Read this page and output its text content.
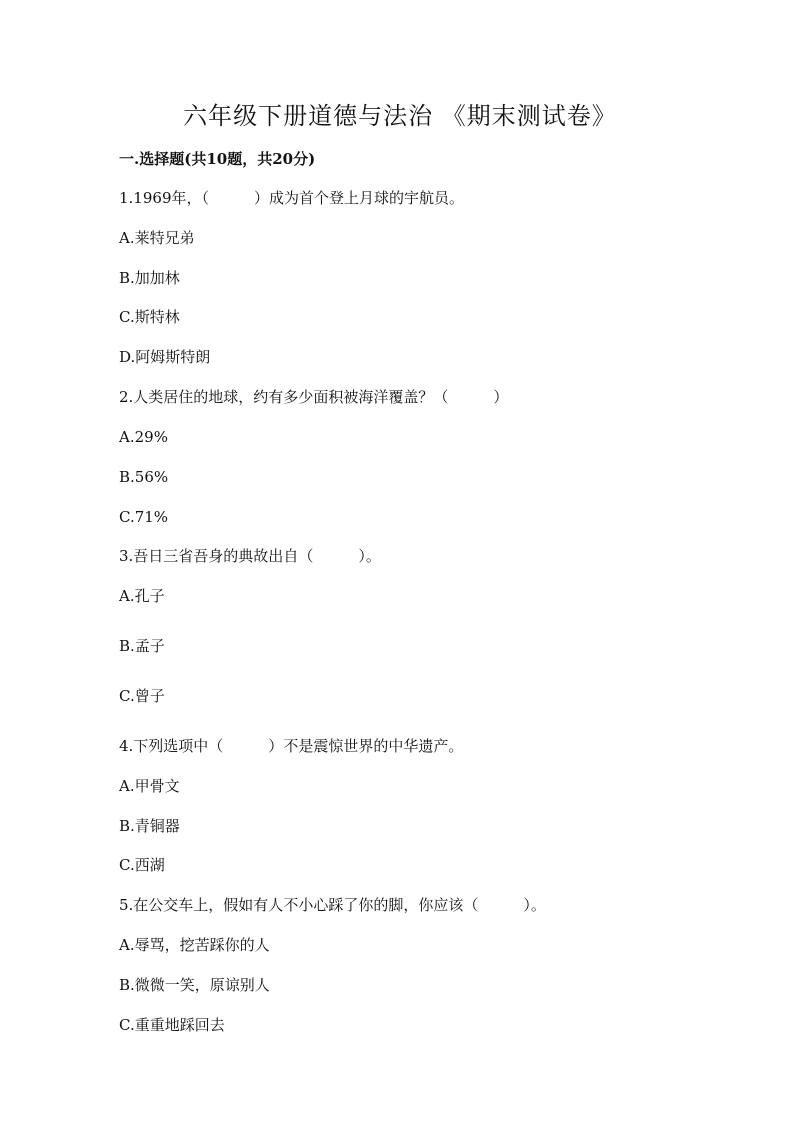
六年级下册道德与法治 《期末测试卷》

一.选择题(共10题，共20分)

1.1969年，（　　　）成为首个登上月球的宇航员。

A.莱特兄弟

B.加加林

C.斯特林

D.阿姆斯特朗

2.人类居住的地球，约有多少面积被海洋覆盖？（　　　）

A.29%

B.56%

C.71%

3.吾日三省吾身的典故出自（　　　）。

A.孔子

B.孟子

C.曾子

4.下列选项中（　　　）不是震惊世界的中华遗产。

A.甲骨文

B.青铜器

C.西湖

5.在公交车上，假如有人不小心踩了你的脚，你应该（　　　）。

A.辱骂，挖苦踩你的人

B.微微一笑，原谅别人

C.重重地踩回去
